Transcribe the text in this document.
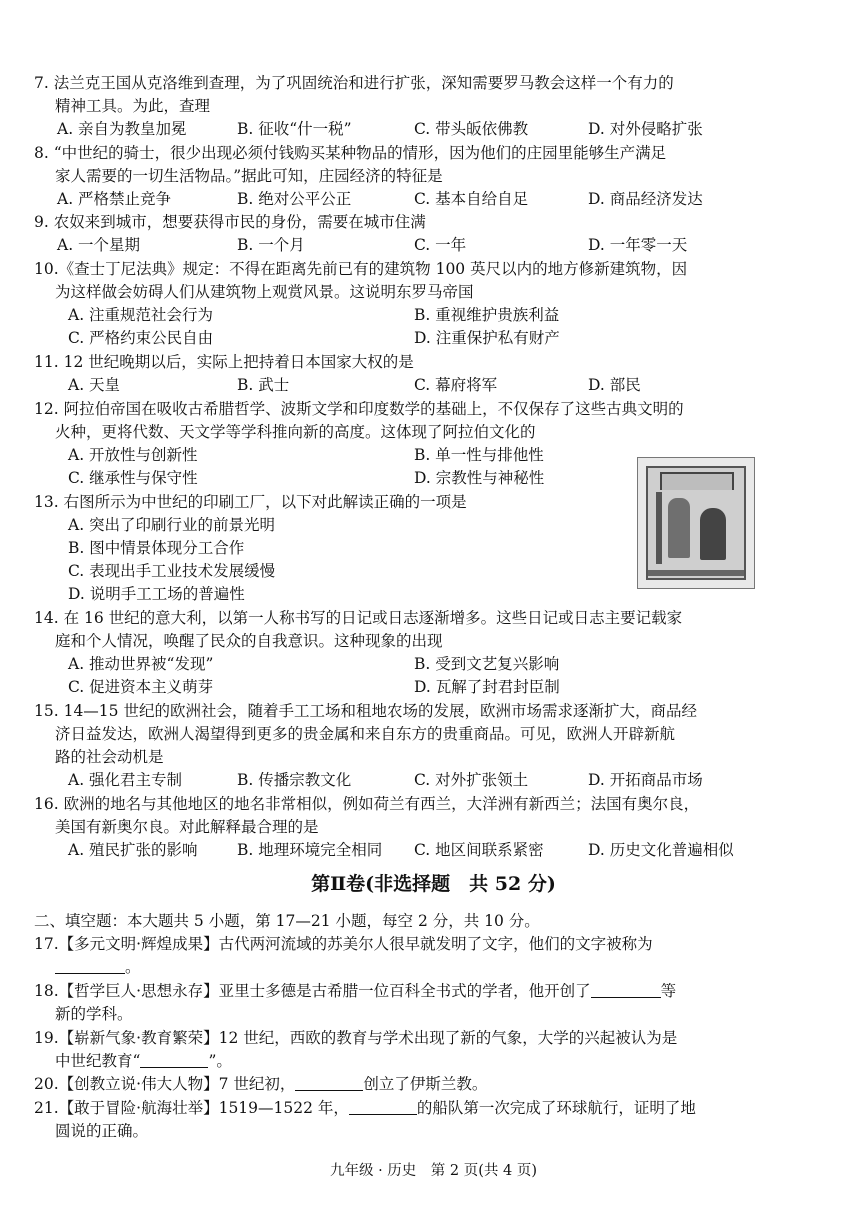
7. 法兰克王国从克洛维到查理，为了巩固统治和进行扩张，深知需要罗马教会这样一个有力的
精神工具。为此，查理
A. 亲自为教皇加冕	B. 征收“什一税”	C. 带头皈依佛教	D. 对外侵略扩张
8. “中世纪的骑士，很少出现必须付钱购买某种物品的情形，因为他们的庄园里能够生产满足
家人需要的一切生活物品。”据此可知，庄园经济的特征是
A. 严格禁止竞争	B. 绝对公平公正	C. 基本自给自足	D. 商品经济发达
9. 农奴来到城市，想要获得市民的身份，需要在城市住满
A. 一个星期	B. 一个月	C. 一年	D. 一年零一天
10.《查士丁尼法典》规定：不得在距离先前已有的建筑物 100 英尺以内的地方修新建筑物，因
为这样做会妨碍人们从建筑物上观赏风景。这说明东罗马帝国
A. 注重规范社会行为	B. 重视维护贵族利益
C. 严格约束公民自由	D. 注重保护私有财产
11. 12 世纪晚期以后，实际上把持着日本国家大权的是
A. 天皇	B. 武士	C. 幕府将军	D. 部民
12. 阿拉伯帝国在吸收古希腊哲学、波斯文学和印度数学的基础上，不仅保存了这些古典文明的
火种，更将代数、天文学等学科推向新的高度。这体现了阿拉伯文化的
A. 开放性与创新性	B. 单一性与排他性
C. 继承性与保守性	D. 宗教性与神秘性
13. 右图所示为中世纪的印刷工厂，以下对此解读正确的一项是
A. 突出了印刷行业的前景光明
B. 图中情景体现分工合作
C. 表现出手工业技术发展缓慢
D. 说明手工工场的普遍性
14. 在 16 世纪的意大利，以第一人称书写的日记或日志逐渐增多。这些日记或日志主要记载家
庭和个人情况，唤醒了民众的自我意识。这种现象的出现
A. 推动世界被“发现”	B. 受到文艺复兴影响
C. 促进资本主义萌芽	D. 瓦解了封君封臣制
15. 14—15 世纪的欧洲社会，随着手工工场和租地农场的发展，欧洲市场需求逐渐扩大，商品经
济日益发达，欧洲人渴望得到更多的贵金属和来自东方的贵重商品。可见，欧洲人开辟新航
路的社会动机是
A. 强化君主专制	B. 传播宗教文化	C. 对外扩张领土	D. 开拓商品市场
16. 欧洲的地名与其他地区的地名非常相似，例如荷兰有西兰，大洋洲有新西兰；法国有奥尔良，
美国有新奥尔良。对此解释最合理的是
A. 殖民扩张的影响	B. 地理环境完全相同 C. 地区间联系紧密	D. 历史文化普遍相似
第Ⅱ卷(非选择题　共 52 分)
二、填空题：本大题共 5 小题，第 17—21 小题，每空 2 分，共 10 分。
17.【多元文明·辉煌成果】古代两河流域的苏美尔人很早就发明了文字，他们的文字被称为
。
18.【哲学巨人·思想永存】亚里士多德是古希腊一位百科全书式的学者，他开创了	等
新的学科。
19.【崭新气象·教育繁荣】12 世纪，西欧的教育与学术出现了新的气象，大学的兴起被认为是
中世纪教育“	”。
20.【创教立说·伟大人物】7 世纪初，	创立了伊斯兰教。
21.【敢于冒险·航海壮举】1519—1522 年，	的船队第一次完成了环球航行，证明了地
圆说的正确。
九年级 · 历史　第 2 页(共 4 页)
